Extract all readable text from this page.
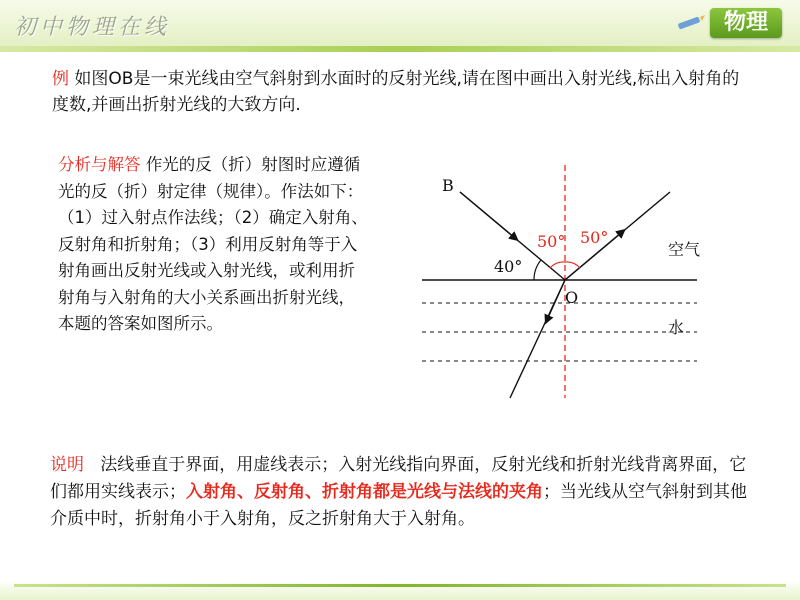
初中物理在线	物理
例 如图OB是一束光线由空气斜射到水面时的反射光线,请在图中画出入射光线,标出入射角的度数,并画出折射光线的大致方向.
分析与解答 作光的反（折）射图时应遵循光的反（折）射定律（规律）。作法如下：（1）过入射点作法线；（2）确定入射角、反射角和折射角；（3）利用反射角等于入射角画出反射光线或入射光线，或利用折射角与入射角的大小关系画出折射光线，本题的答案如图所示。
B
O
40°
50° 50°
空气
水
说明 法线垂直于界面，用虚线表示；入射光线指向界面，反射光线和折射光线背离界面，它们都用实线表示；入射角、反射角、折射角都是光线与法线的夹角；当光线从空气斜射到其他介质中时，折射角小于入射角，反之折射角大于入射角。
